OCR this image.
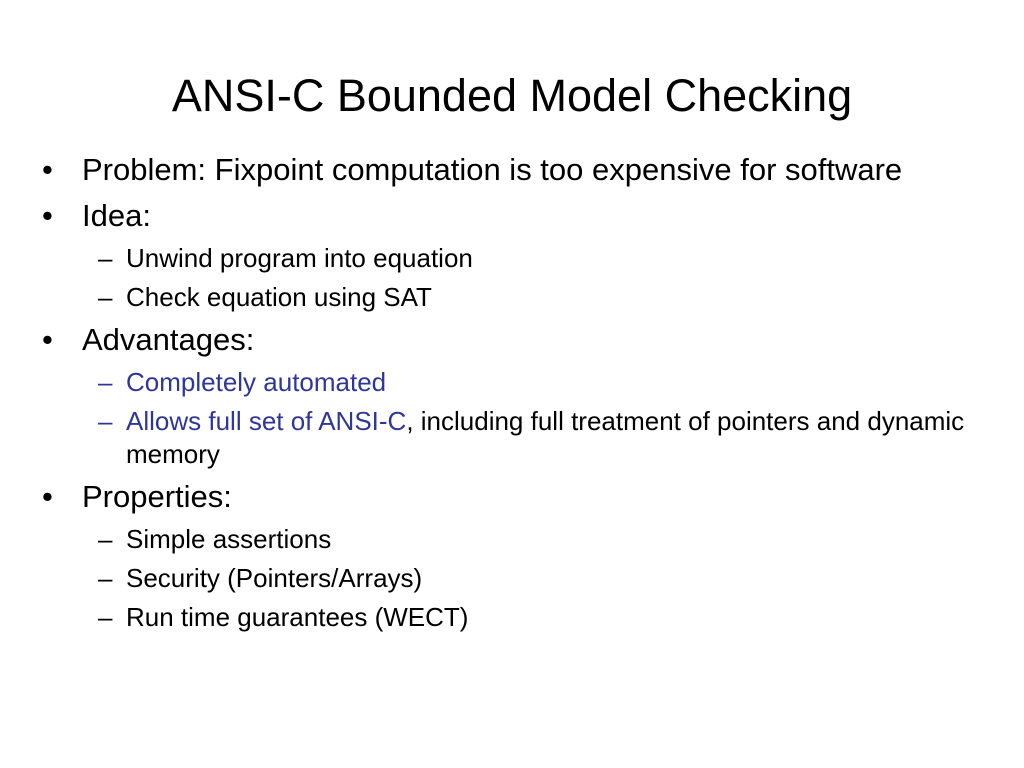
ANSI-C Bounded Model Checking
• Problem: Fixpoint computation is too expensive for software
• Idea:
– Unwind program into equation
– Check equation using SAT
• Advantages:
– Completely automated
– Allows full set of ANSI-C, including full treatment of pointers and dynamic memory
• Properties:
– Simple assertions
– Security (Pointers/Arrays)
– Run time guarantees (WECT)
